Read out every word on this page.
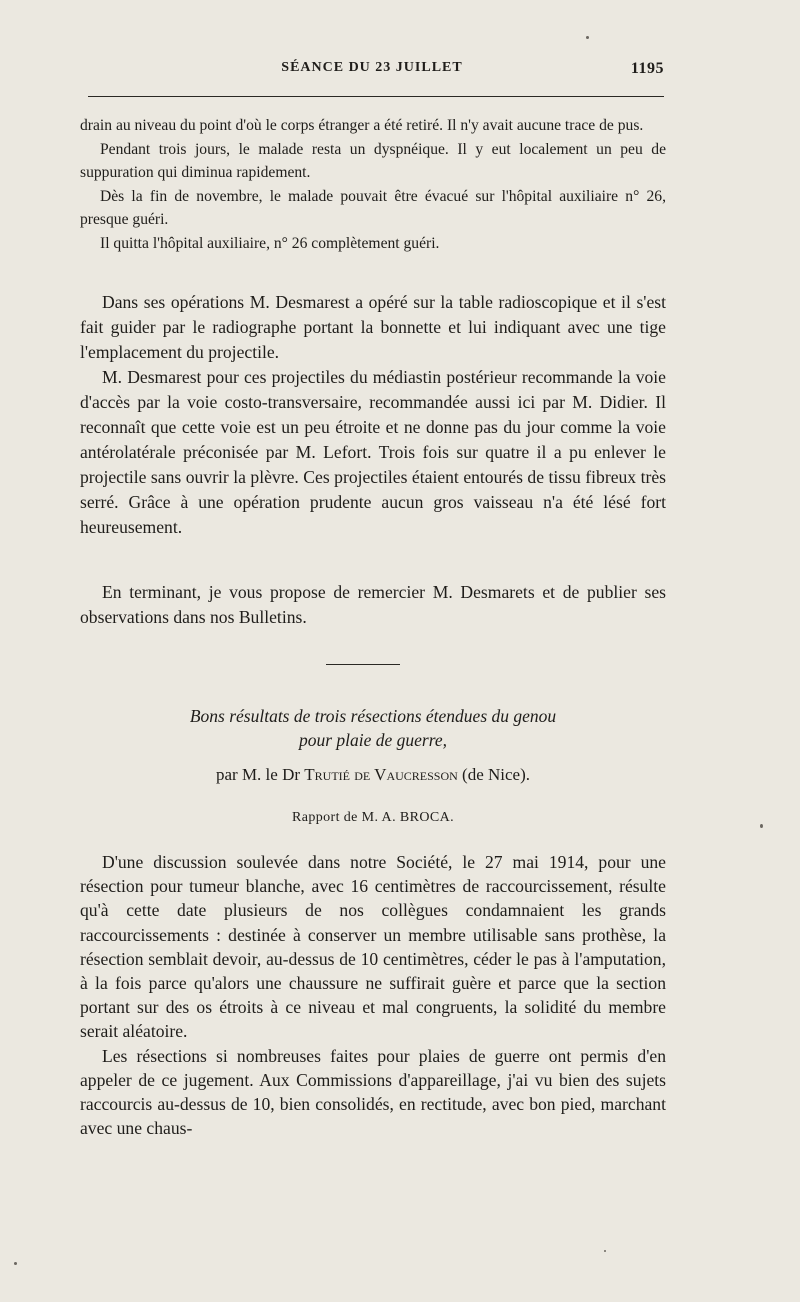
SÉANCE DU 23 JUILLET	1195

drain au niveau du point d'où le corps étranger a été retiré. Il n'y avait aucune trace de pus.

Pendant trois jours, le malade resta un dyspnéique. Il y eut localement un peu de suppuration qui diminua rapidement.

Dès la fin de novembre, le malade pouvait être évacué sur l'hôpital auxiliaire n° 26, presque guéri.

Il quitta l'hôpital auxiliaire, n° 26 complètement guéri.

Dans ses opérations M. Desmarest a opéré sur la table radioscopique et il s'est fait guider par le radiographe portant la bonnette et lui indiquant avec une tige l'emplacement du projectile.

M. Desmarest pour ces projectiles du médiastin postérieur recommande la voie d'accès par la voie costo-transversaire, recommandée aussi ici par M. Didier. Il reconnaît que cette voie est un peu étroite et ne donne pas du jour comme la voie antérolatérale préconisée par M. Lefort. Trois fois sur quatre il a pu enlever le projectile sans ouvrir la plèvre. Ces projectiles étaient entourés de tissu fibreux très serré. Grâce à une opération prudente aucun gros vaisseau n'a été lésé fort heureusement.

En terminant, je vous propose de remercier M. Desmarets et de publier ses observations dans nos Bulletins.

Bons résultats de trois résections étendues du genou
pour plaie de guerre,
par M. le Dr Trutié de Vaucresson (de Nice).
Rapport de M. A. BROCA.

D'une discussion soulevée dans notre Société, le 27 mai 1914, pour une résection pour tumeur blanche, avec 16 centimètres de raccourcissement, résulte qu'à cette date plusieurs de nos collègues condamnaient les grands raccourcissements : destinée à conserver un membre utilisable sans prothèse, la résection semblait devoir, au-dessus de 10 centimètres, céder le pas à l'amputation, à la fois parce qu'alors une chaussure ne suffirait guère et parce que la section portant sur des os étroits à ce niveau et mal congruents, la solidité du membre serait aléatoire.

Les résections si nombreuses faites pour plaies de guerre ont permis d'en appeler de ce jugement. Aux Commissions d'appareillage, j'ai vu bien des sujets raccourcis au-dessus de 10, bien consolidés, en rectitude, avec bon pied, marchant avec une chaus-
